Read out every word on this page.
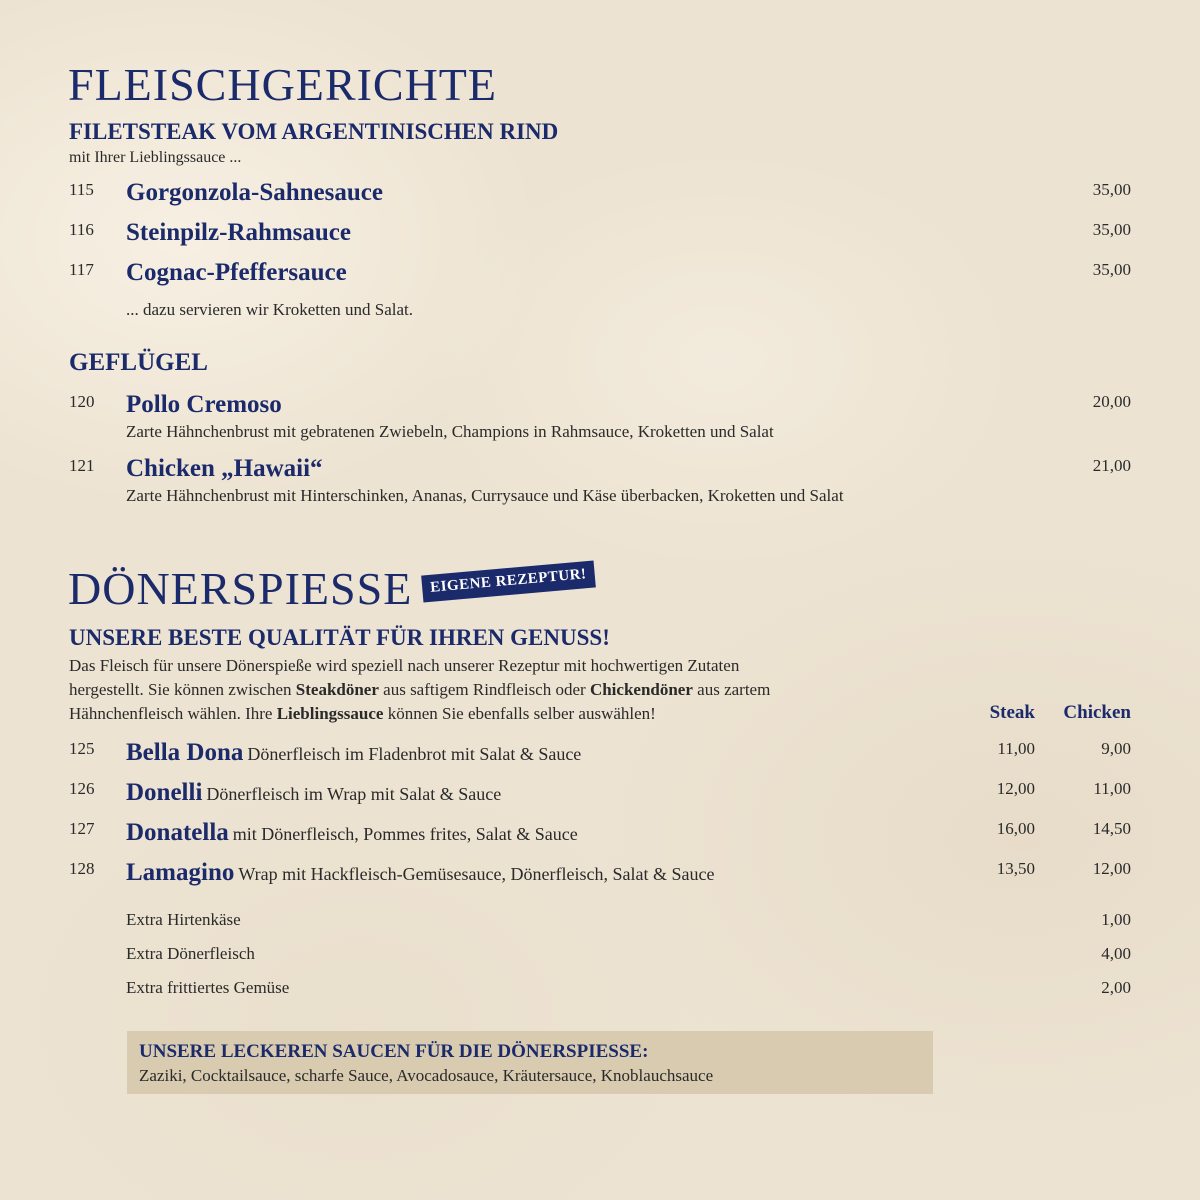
FLEISCHGERICHTE
FILETSTEAK VOM ARGENTINISCHEN RIND
mit Ihrer Lieblingssauce ...
115 Gorgonzola-Sahnesauce	35,00
116 Steinpilz-Rahmsauce	35,00
117 Cognac-Pfeffersauce	35,00
... dazu servieren wir Kroketten und Salat.
GEFLÜGEL
120 Pollo Cremoso	20,00
Zarte Hähnchenbrust mit gebratenen Zwiebeln, Champions in Rahmsauce, Kroketten und Salat
121 Chicken „Hawaii“	21,00
Zarte Hähnchenbrust mit Hinterschinken, Ananas, Currysauce und Käse überbacken, Kroketten und Salat
DÖNERSPIESSE	EIGENE REZEPTUR!
UNSERE BESTE QUALITÄT FÜR IHREN GENUSS!
Das Fleisch für unsere Dönerspieße wird speziell nach unserer Rezeptur mit hochwertigen Zutaten
hergestellt. Sie können zwischen Steakdöner aus saftigem Rindfleisch oder Chickendöner aus zartem
Hähnchenfleisch wählen. Ihre Lieblingssauce können Sie ebenfalls selber auswählen!	Steak	Chicken
125 Bella Dona Dönerfleisch im Fladenbrot mit Salat & Sauce	11,00	9,00
126 Donelli Dönerfleisch im Wrap mit Salat & Sauce	12,00	11,00
127 Donatella mit Dönerfleisch, Pommes frites, Salat & Sauce	16,00	14,50
128 Lamagino Wrap mit Hackfleisch-Gemüsesauce, Dönerfleisch, Salat & Sauce	13,50	12,00
Extra Hirtenkäse	1,00
Extra Dönerfleisch	4,00
Extra frittiertes Gemüse	2,00
UNSERE LECKEREN SAUCEN FÜR DIE DÖNERSPIESSE:
Zaziki, Cocktailsauce, scharfe Sauce, Avocadosauce, Kräutersauce, Knoblauchsauce
